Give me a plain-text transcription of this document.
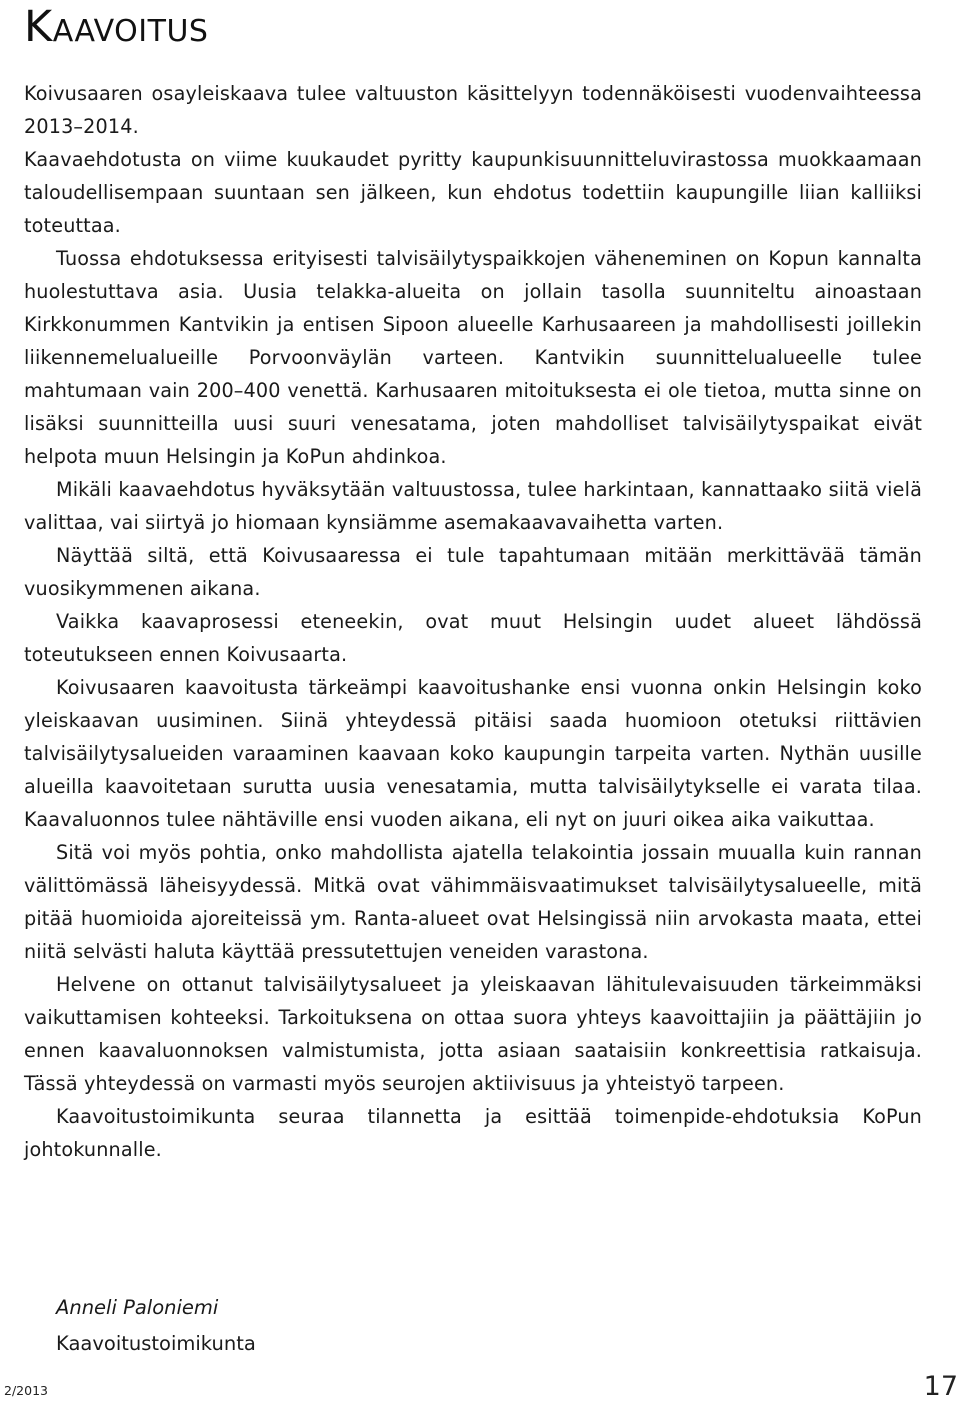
Kaavoitus

Koivusaaren osayleiskaava tulee valtuuston käsittelyyn todennäköisesti vuodenvaihteessa 2013–2014.

Kaavaehdotusta on viime kuukaudet pyritty kaupunkisuunnitteluvirastossa muokkaamaan taloudellisempaan suuntaan sen jälkeen, kun ehdotus todettiin kaupungille liian kalliiksi toteuttaa.

Tuossa ehdotuksessa erityisesti talvisäilytyspaikkojen väheneminen on Kopun kannalta huolestuttava asia. Uusia telakka-alueita on jollain tasolla suunniteltu ainoastaan Kirkkonummen Kantvikin ja entisen Sipoon alueelle Karhusaareen ja mahdollisesti joillekin liikennemelualueille Porvoonväylän varteen. Kantvikin suunnittelualueelle tulee mahtumaan vain 200–400 venettä. Karhusaaren mitoituksesta ei ole tietoa, mutta sinne on lisäksi suunnitteilla uusi suuri venesatama, joten mahdolliset talvisäilytyspaikat eivät helpota muun Helsingin ja KoPun ahdinkoa.

Mikäli kaavaehdotus hyväksytään valtuustossa, tulee harkintaan, kannattaako siitä vielä valittaa, vai siirtyä jo hiomaan kynsiämme asemakaavavaihetta varten.

Näyttää siltä, että Koivusaaressa ei tule tapahtumaan mitään merkittävää tämän vuosikymmenen aikana.

Vaikka kaavaprosessi eteneekin, ovat muut Helsingin uudet alueet lähdössä toteutukseen ennen Koivusaarta.

Koivusaaren kaavoitusta tärkeämpi kaavoitushanke ensi vuonna onkin Helsingin koko yleiskaavan uusiminen. Siinä yhteydessä pitäisi saada huomioon otetuksi riittävien talvisäilytysalueiden varaaminen kaavaan koko kaupungin tarpeita varten. Nythän uusille alueilla kaavoitetaan surutta uusia venesatamia, mutta talvisäilytykselle ei varata tilaa.Kaavaluonnos tulee nähtäville ensi vuoden aikana, eli nyt on juuri oikea aika vaikuttaa.

Sitä voi myös pohtia, onko mahdollista ajatella telakointia jossain muualla kuin rannan välittömässä läheisyydessä. Mitkä ovat vähimmäisvaatimukset talvisäilytysalueelle, mitä pitää huomioida ajoreiteissä ym. Ranta-alueet ovat Helsingissä niin arvokasta maata, ettei niitä selvästi haluta käyttää pressutettujen veneiden varastona.

Helvene on ottanut talvisäilytysalueet ja yleiskaavan lähitulevaisuuden tärkeimmäksi vaikuttamisen kohteeksi. Tarkoituksena on ottaa suora yhteys kaavoittajiin ja päättäjiin jo ennen kaavaluonnoksen valmistumista, jotta asiaan saataisiin konkreettisia ratkaisuja.Tässä yhteydessä on varmasti myös seurojen aktiivisuus ja yhteistyö tarpeen.

Kaavoitustoimikunta seuraa tilannetta ja esittää toimenpide-ehdotuksia KoPun johtokunnalle.

Anneli Paloniemi
Kaavoitustoimikunta
2/2013	17
